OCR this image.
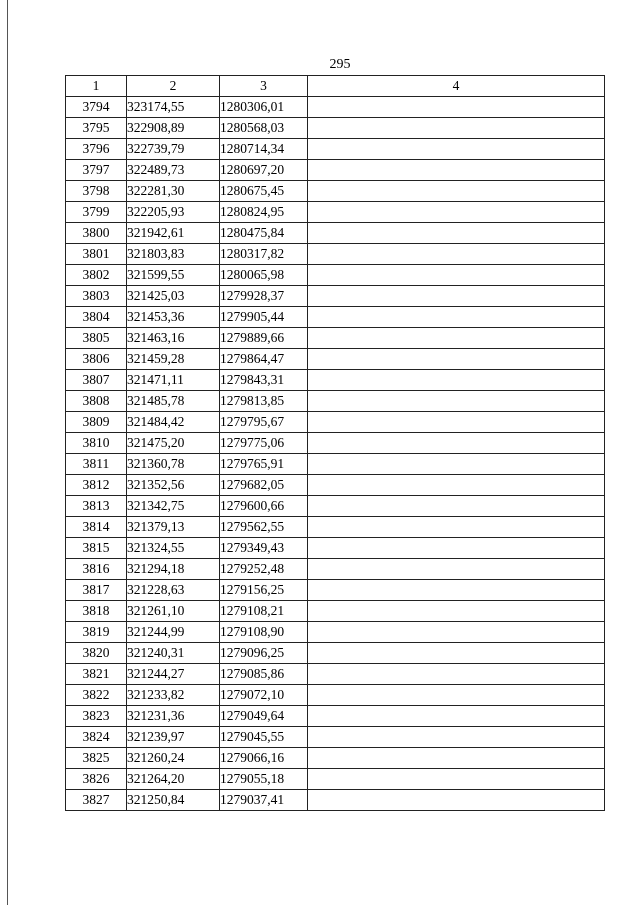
295
1	2	3	4
3794	323174,55	1280306,01	
3795	322908,89	1280568,03	
3796	322739,79	1280714,34	
3797	322489,73	1280697,20	
3798	322281,30	1280675,45	
3799	322205,93	1280824,95	
3800	321942,61	1280475,84	
3801	321803,83	1280317,82	
3802	321599,55	1280065,98	
3803	321425,03	1279928,37	
3804	321453,36	1279905,44	
3805	321463,16	1279889,66	
3806	321459,28	1279864,47	
3807	321471,11	1279843,31	
3808	321485,78	1279813,85	
3809	321484,42	1279795,67	
3810	321475,20	1279775,06	
3811	321360,78	1279765,91	
3812	321352,56	1279682,05	
3813	321342,75	1279600,66	
3814	321379,13	1279562,55	
3815	321324,55	1279349,43	
3816	321294,18	1279252,48	
3817	321228,63	1279156,25	
3818	321261,10	1279108,21	
3819	321244,99	1279108,90	
3820	321240,31	1279096,25	
3821	321244,27	1279085,86	
3822	321233,82	1279072,10	
3823	321231,36	1279049,64	
3824	321239,97	1279045,55	
3825	321260,24	1279066,16	
3826	321264,20	1279055,18	
3827	321250,84	1279037,41	
